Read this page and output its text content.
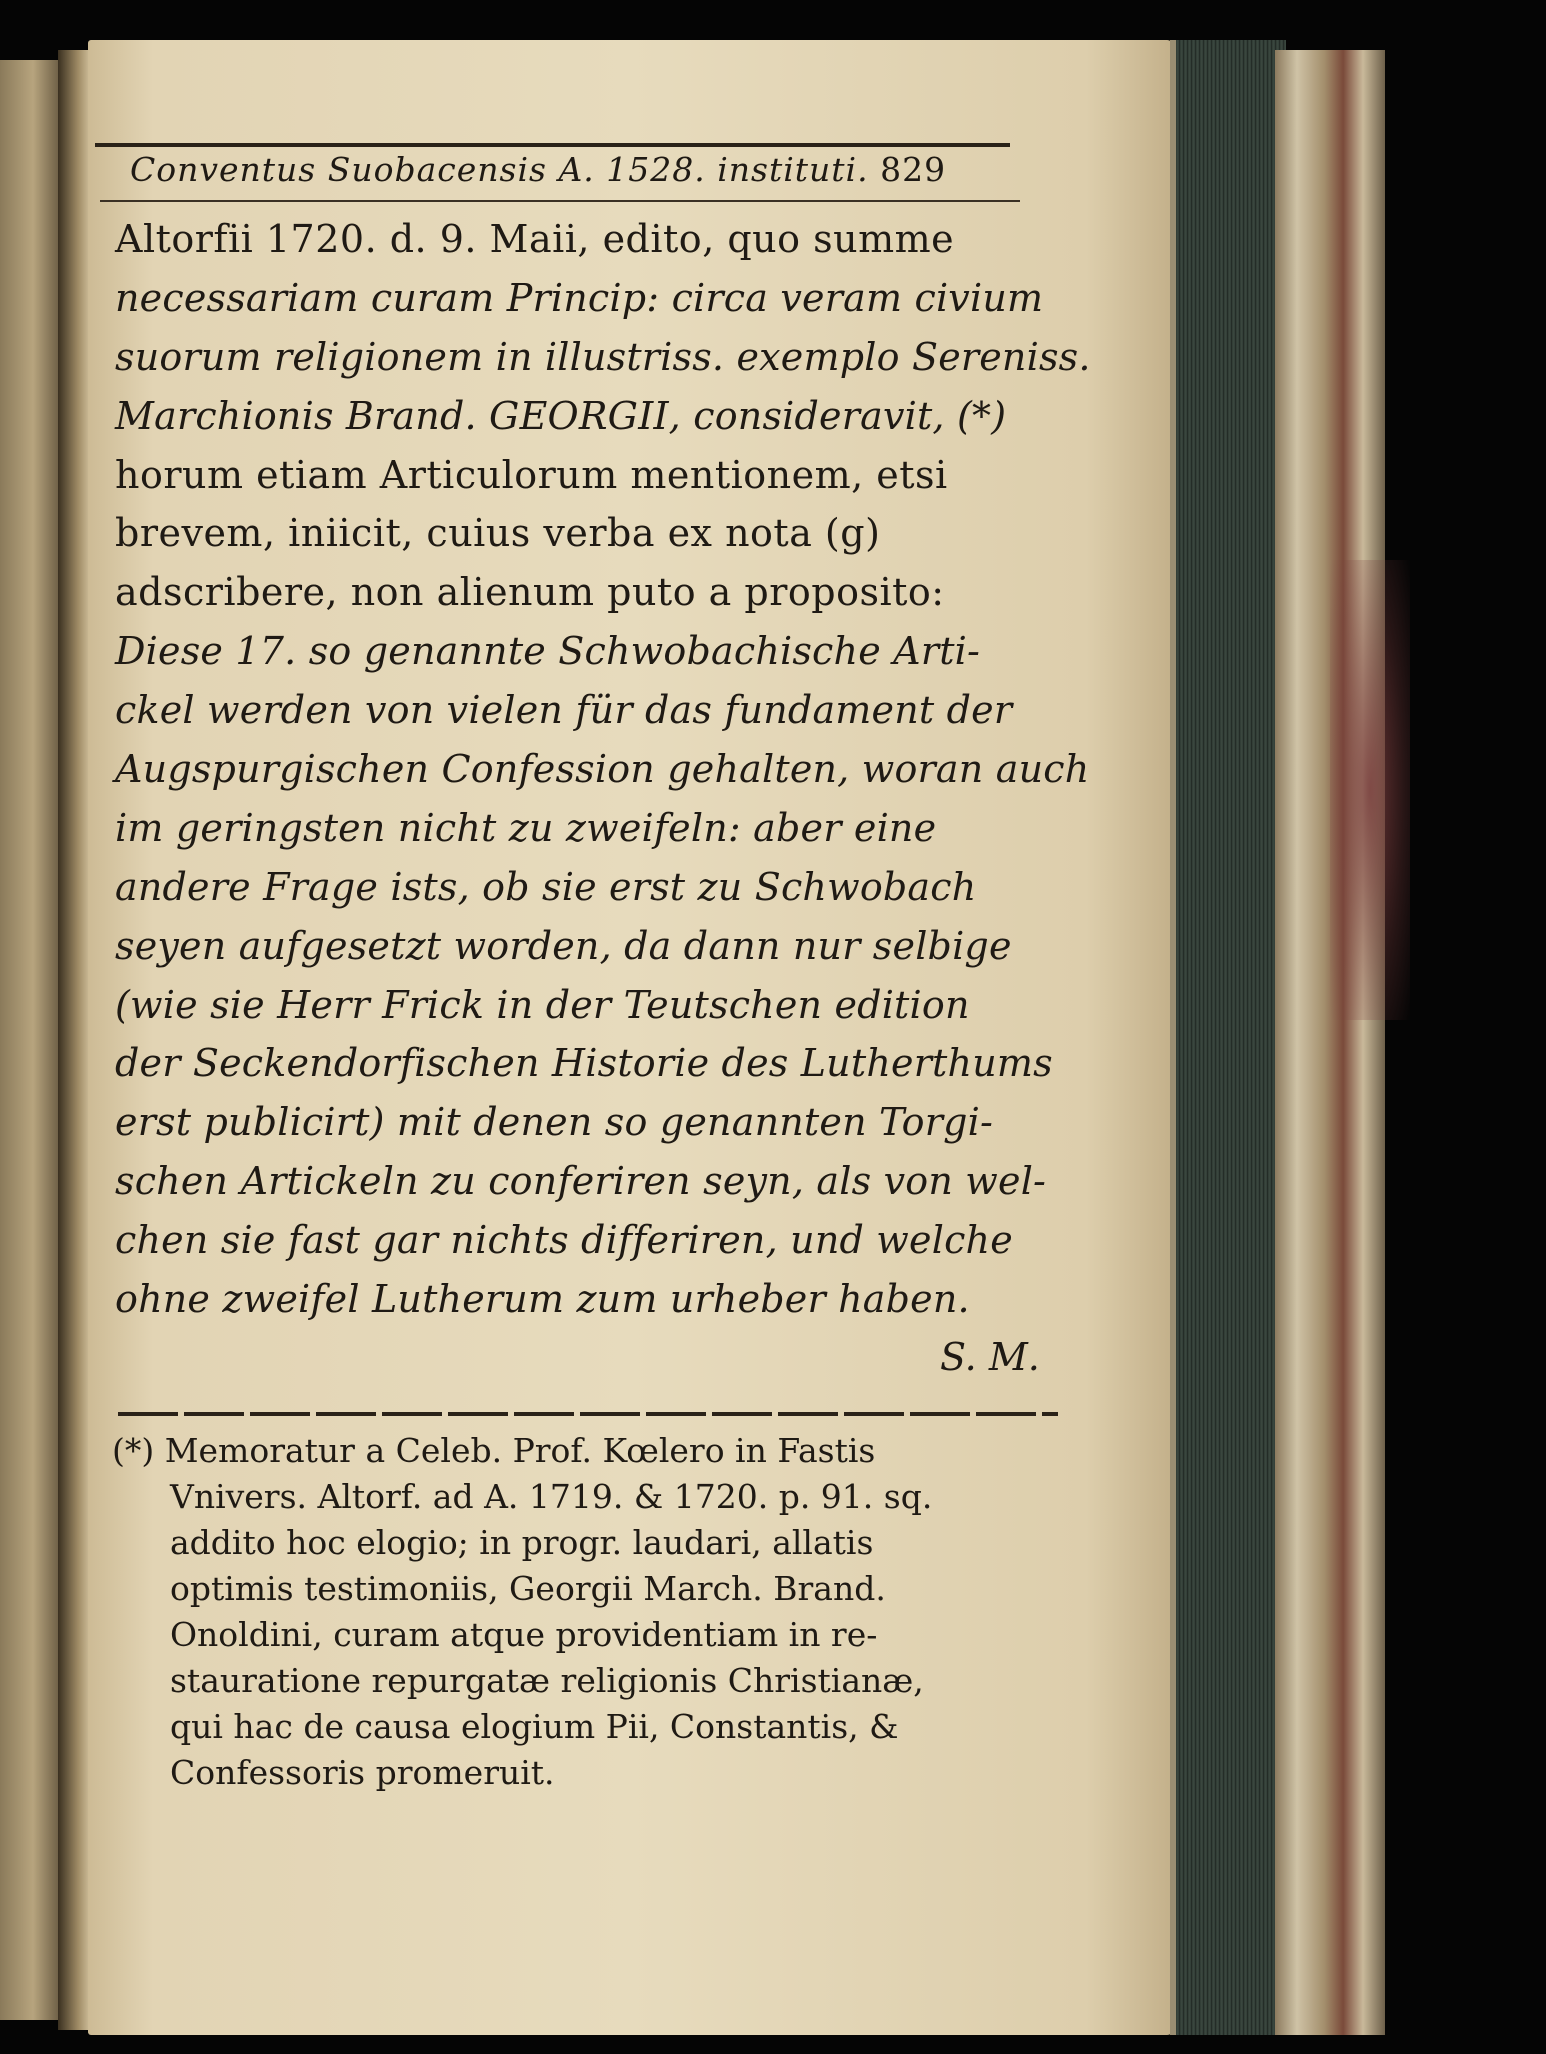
Conventus Suobacensis A. 1528. instituti. 829
Altorfii 1720. d. 9. Maii, edito, quo summe
necessariam curam Princip: circa veram civium
suorum religionem in illustriss. exemplo Sereniss.
Marchionis Brand. GEORGII, consideravit, (*)
horum etiam Articulorum mentionem, etsi
brevem, iniicit, cuius verba ex nota (g)
adscribere, non alienum puto a proposito:
Diese 17. so genannte Schwobachische Arti-
ckel werden von vielen für das fundament der
Augspurgischen Confession gehalten, woran auch
im geringsten nicht zu zweifeln: aber eine
andere Frage ists, ob sie erst zu Schwobach
seyen aufgesetzt worden, da dann nur selbige
(wie sie Herr Frick in der Teutschen edition
der Seckendorfischen Historie des Lutherthums
erst publicirt) mit denen so genannten Torgi-
schen Artickeln zu conferiren seyn, als von wel-
chen sie fast gar nichts differiren, und welche
ohne zweifel Lutherum zum urheber haben.
S. M.
(*) Memoratur a Celeb. Prof. Kœlero in Fastis
Vnivers. Altorf. ad A. 1719. & 1720. p. 91. sq.
addito hoc elogio; in progr. laudari, allatis
optimis testimoniis, Georgii March. Brand.
Onoldini, curam atque providentiam in re-
stauratione repurgatæ religionis Christianæ,
qui hac de causa elogium Pii, Constantis, &
Confessoris promeruit.
